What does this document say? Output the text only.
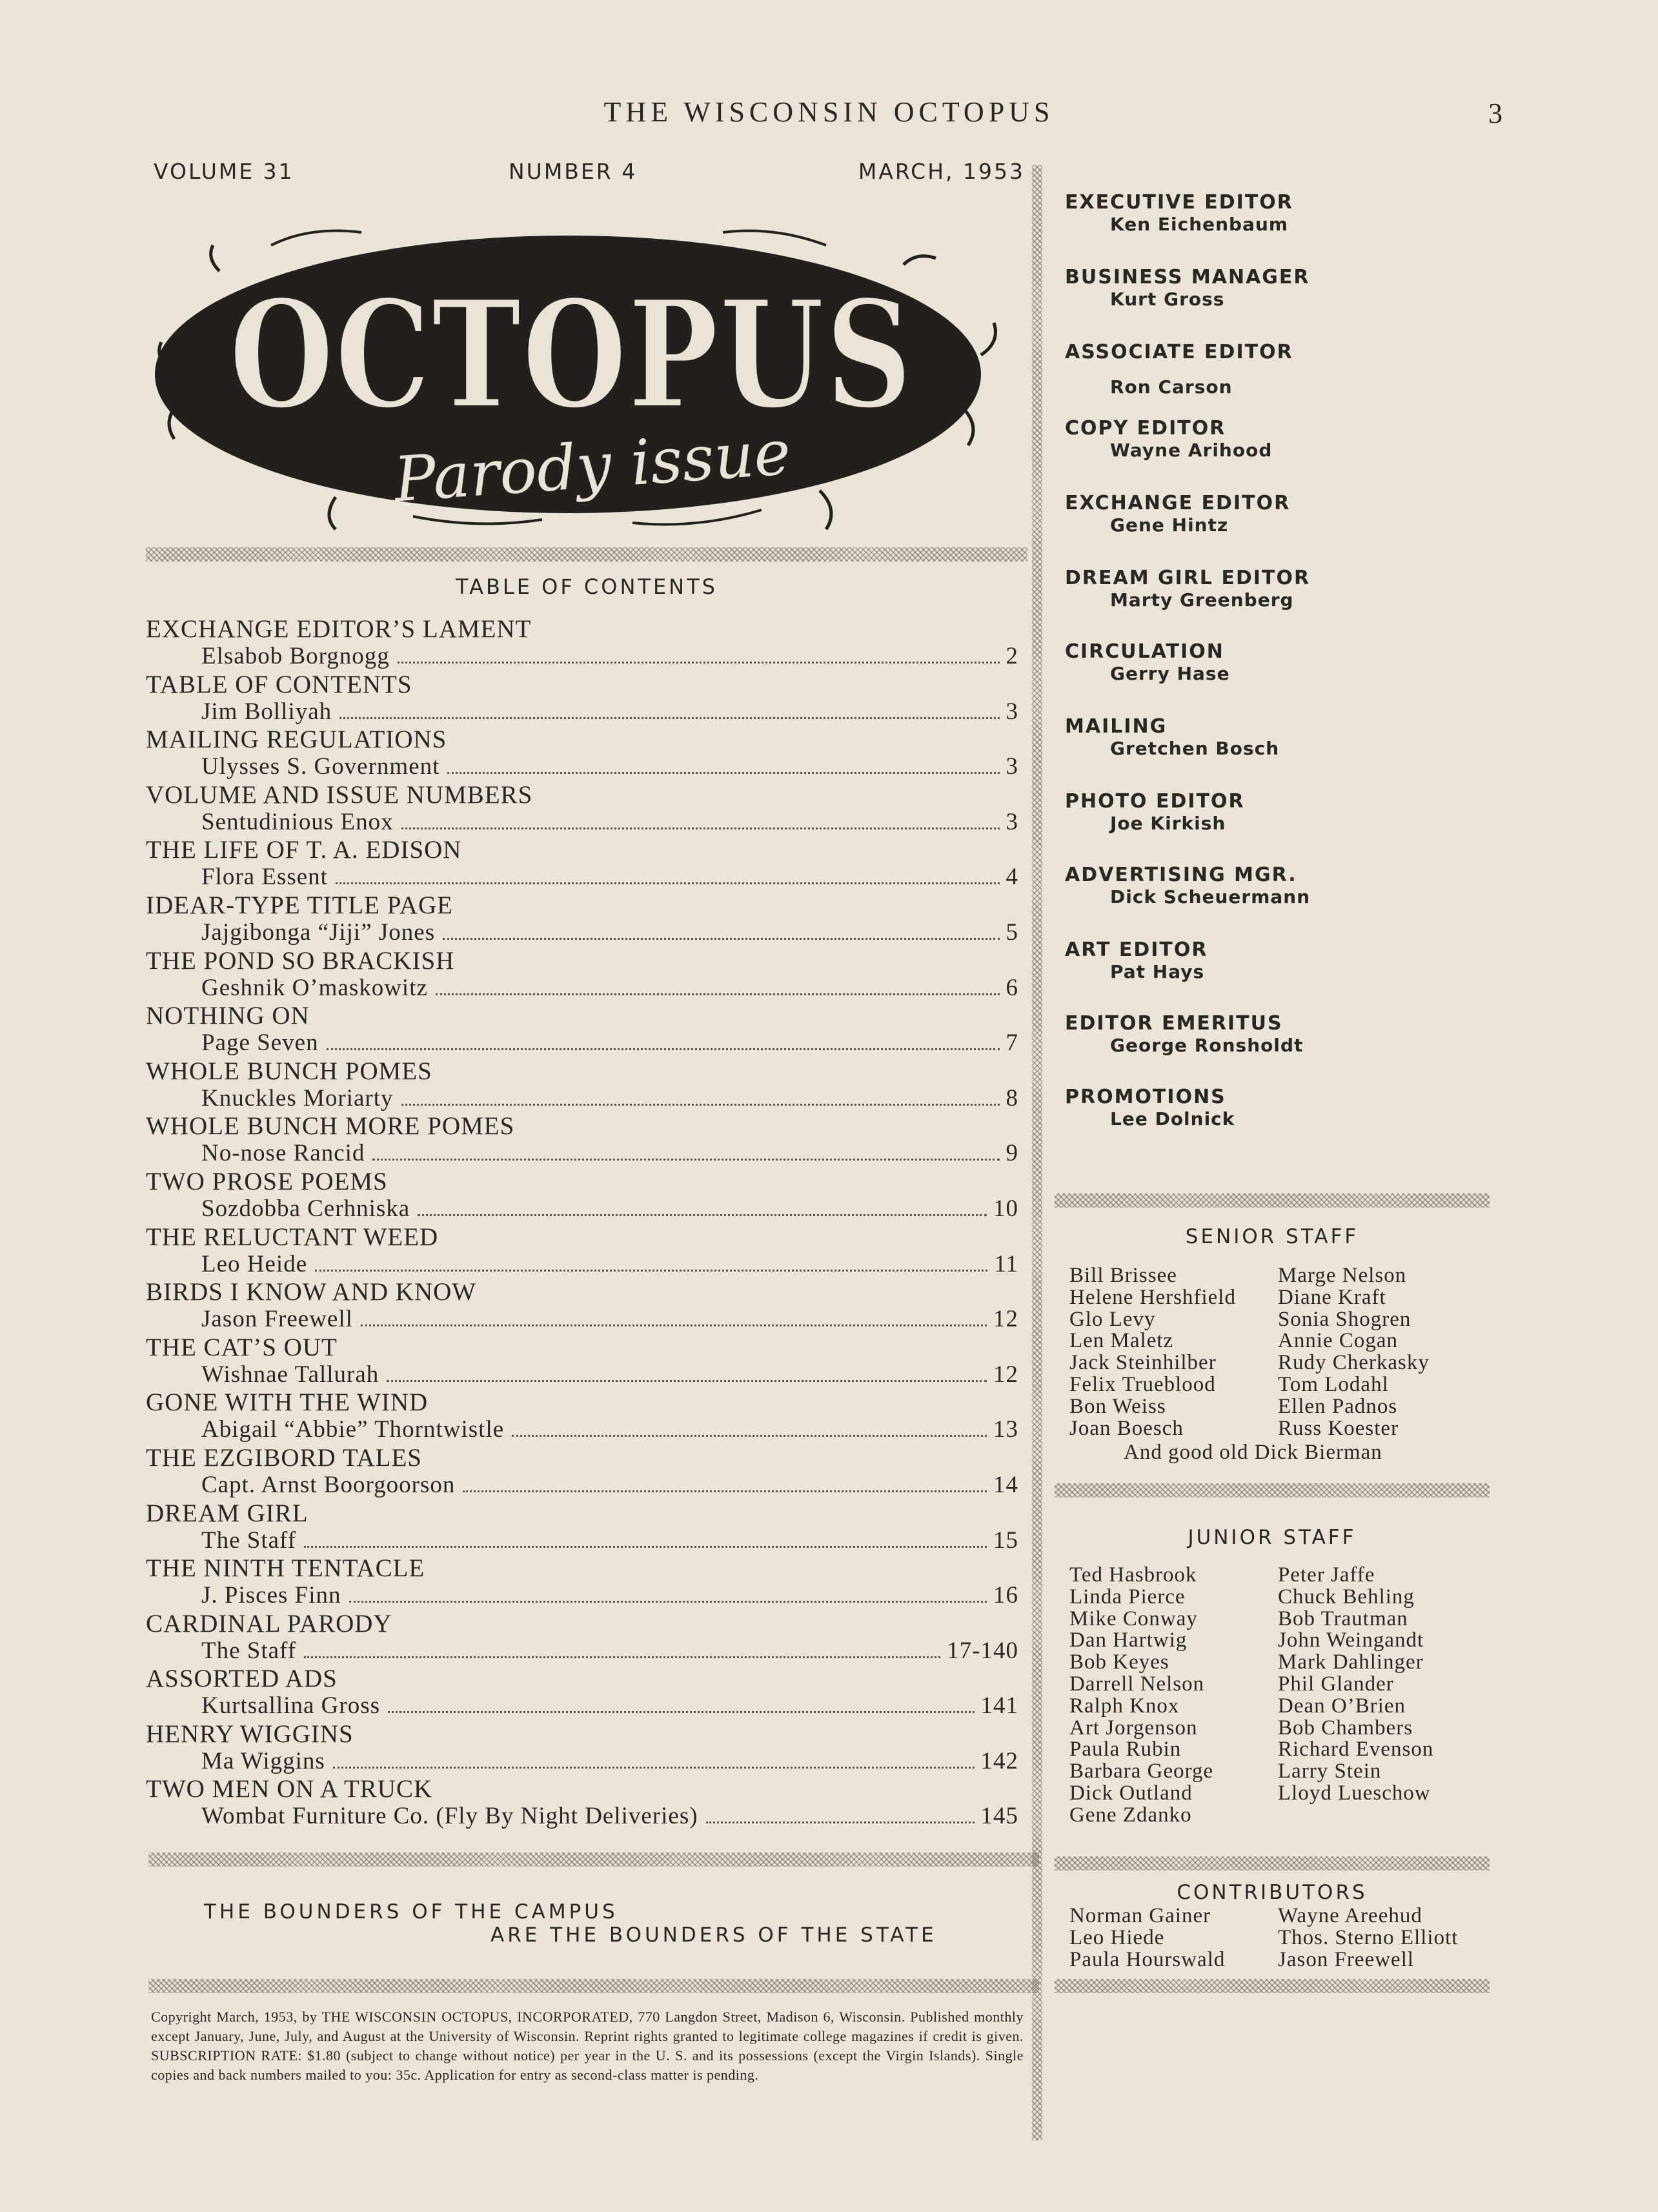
THE WISCONSIN OCTOPUS	3
VOLUME 31	NUMBER 4	MARCH, 1953
OCTOPUS
Parody issue
TABLE OF CONTENTS
EXCHANGE EDITOR’S LAMENT
Elsabob Borgnogg	2
TABLE OF CONTENTS
Jim Bolliyah	3
MAILING REGULATIONS
Ulysses S. Government	3
VOLUME AND ISSUE NUMBERS
Sentudinious Enox	3
THE LIFE OF T. A. EDISON
Flora Essent	4
IDEAR-TYPE TITLE PAGE
Jajgibonga “Jiji” Jones	5
THE POND SO BRACKISH
Geshnik O’maskowitz	6
NOTHING ON
Page Seven	7
WHOLE BUNCH POMES
Knuckles Moriarty	8
WHOLE BUNCH MORE POMES
No-nose Rancid	9
TWO PROSE POEMS
Sozdobba Cerhniska	10
THE RELUCTANT WEED
Leo Heide	11
BIRDS I KNOW AND KNOW
Jason Freewell	12
THE CAT’S OUT
Wishnae Tallurah	12
GONE WITH THE WIND
Abigail “Abbie” Thorntwistle	13
THE EZGIBORD TALES
Capt. Arnst Boorgoorson	14
DREAM GIRL
The Staff	15
THE NINTH TENTACLE
J. Pisces Finn	16
CARDINAL PARODY
The Staff	17-140
ASSORTED ADS
Kurtsallina Gross	141
HENRY WIGGINS
Ma Wiggins	142
TWO MEN ON A TRUCK
Wombat Furniture Co. (Fly By Night Deliveries)	145
THE BOUNDERS OF THE CAMPUS
ARE THE BOUNDERS OF THE STATE
Copyright March, 1953, by THE WISCONSIN OCTOPUS, INCORPORATED, 770 Langdon Street, Madison 6, Wisconsin. Published monthly except January, June, July, and August at the University of Wisconsin. Reprint rights granted to legitimate college magazines if credit is given. SUBSCRIPTION RATE: $1.80 (subject to change without notice) per year in the U. S. and its possessions (except the Virgin Islands). Single copies and back numbers mailed to you: 35c. Application for entry as second-class matter is pending.
EXECUTIVE EDITOR
Ken Eichenbaum
BUSINESS MANAGER
Kurt Gross
ASSOCIATE EDITOR
Ron Carson
COPY EDITOR
Wayne Arihood
EXCHANGE EDITOR
Gene Hintz
DREAM GIRL EDITOR
Marty Greenberg
CIRCULATION
Gerry Hase
MAILING
Gretchen Bosch
PHOTO EDITOR
Joe Kirkish
ADVERTISING MGR.
Dick Scheuermann
ART EDITOR
Pat Hays
EDITOR EMERITUS
George Ronsholdt
PROMOTIONS
Lee Dolnick
SENIOR STAFF
Bill Brissee	Marge Nelson
Helene Hershfield	Diane Kraft
Glo Levy	Sonia Shogren
Len Maletz	Annie Cogan
Jack Steinhilber	Rudy Cherkasky
Felix Trueblood	Tom Lodahl
Bon Weiss	Ellen Padnos
Joan Boesch	Russ Koester
And good old Dick Bierman
JUNIOR STAFF
Ted Hasbrook	Peter Jaffe
Linda Pierce	Chuck Behling
Mike Conway	Bob Trautman
Dan Hartwig	John Weingandt
Bob Keyes	Mark Dahlinger
Darrell Nelson	Phil Glander
Ralph Knox	Dean O’Brien
Art Jorgenson	Bob Chambers
Paula Rubin	Richard Evenson
Barbara George	Larry Stein
Dick Outland	Lloyd Lueschow
Gene Zdanko
CONTRIBUTORS
Norman Gainer	Wayne Areehud
Leo Hiede	Thos. Sterno Elliott
Paula Hourswald	Jason Freewell
